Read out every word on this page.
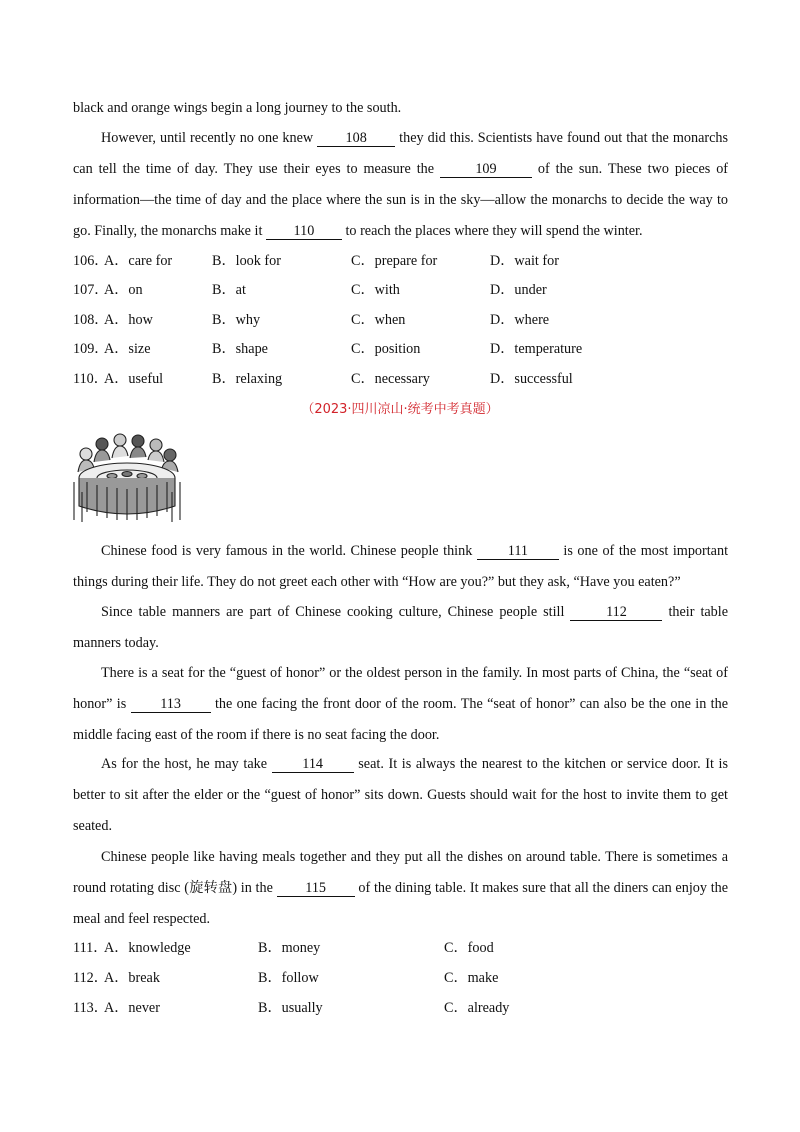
black and orange wings begin a long journey to the south.

However, until recently no one knew 108 they did this. Scientists have found out that the monarchs can tell the time of day. They use their eyes to measure the	109	of the sun. These two pieces of information—the time of day and the place where the sun is in the sky—allow the monarchs to decide the way to go. Finally, the monarchs make it 110 to reach the places where they will spend the winter.

106．
A．care for	B．look for	C．prepare for	D．wait for
107．
A．on	B．at	C．with	D．under
108．
A．how	B．why	C．when	D．where
109．
A．size	B．shape	C．position	D．temperature
110．
A．useful	B．relaxing	C．necessary	D．successful
（2023·四川凉山·统考中考真题）

Chinese food is very famous in the world. Chinese people think 111 is one of the most important things during their life. They do not greet each other with “How are you?” but they ask, “Have you eaten?”

Since table manners are part of Chinese cooking culture, Chinese people still	112	their table manners today.

There is a seat for the “guest of honor” or the oldest person in the family. In most parts of China, the “seat of honor” is 113 the one facing the front door of the room. The “seat of honor” can also be the one in the middle facing east of the room if there is no seat facing the door.

As for the host, he may take 114 seat. It is always the nearest to the kitchen or service door. It is better to sit after the elder or the “guest of honor” sits down. Guests should wait for the host to invite them to get seated.

Chinese people like having meals together and they put all the dishes on around table. There is sometimes a round rotating disc (旋转盘) in the 115 of the dining table. It makes sure that all the diners can enjoy the meal and feel respected.

111．
A．knowledge	B．money	C．food
112．
A．break	B．follow	C．make
113．
A．never	B．usually	C．already
